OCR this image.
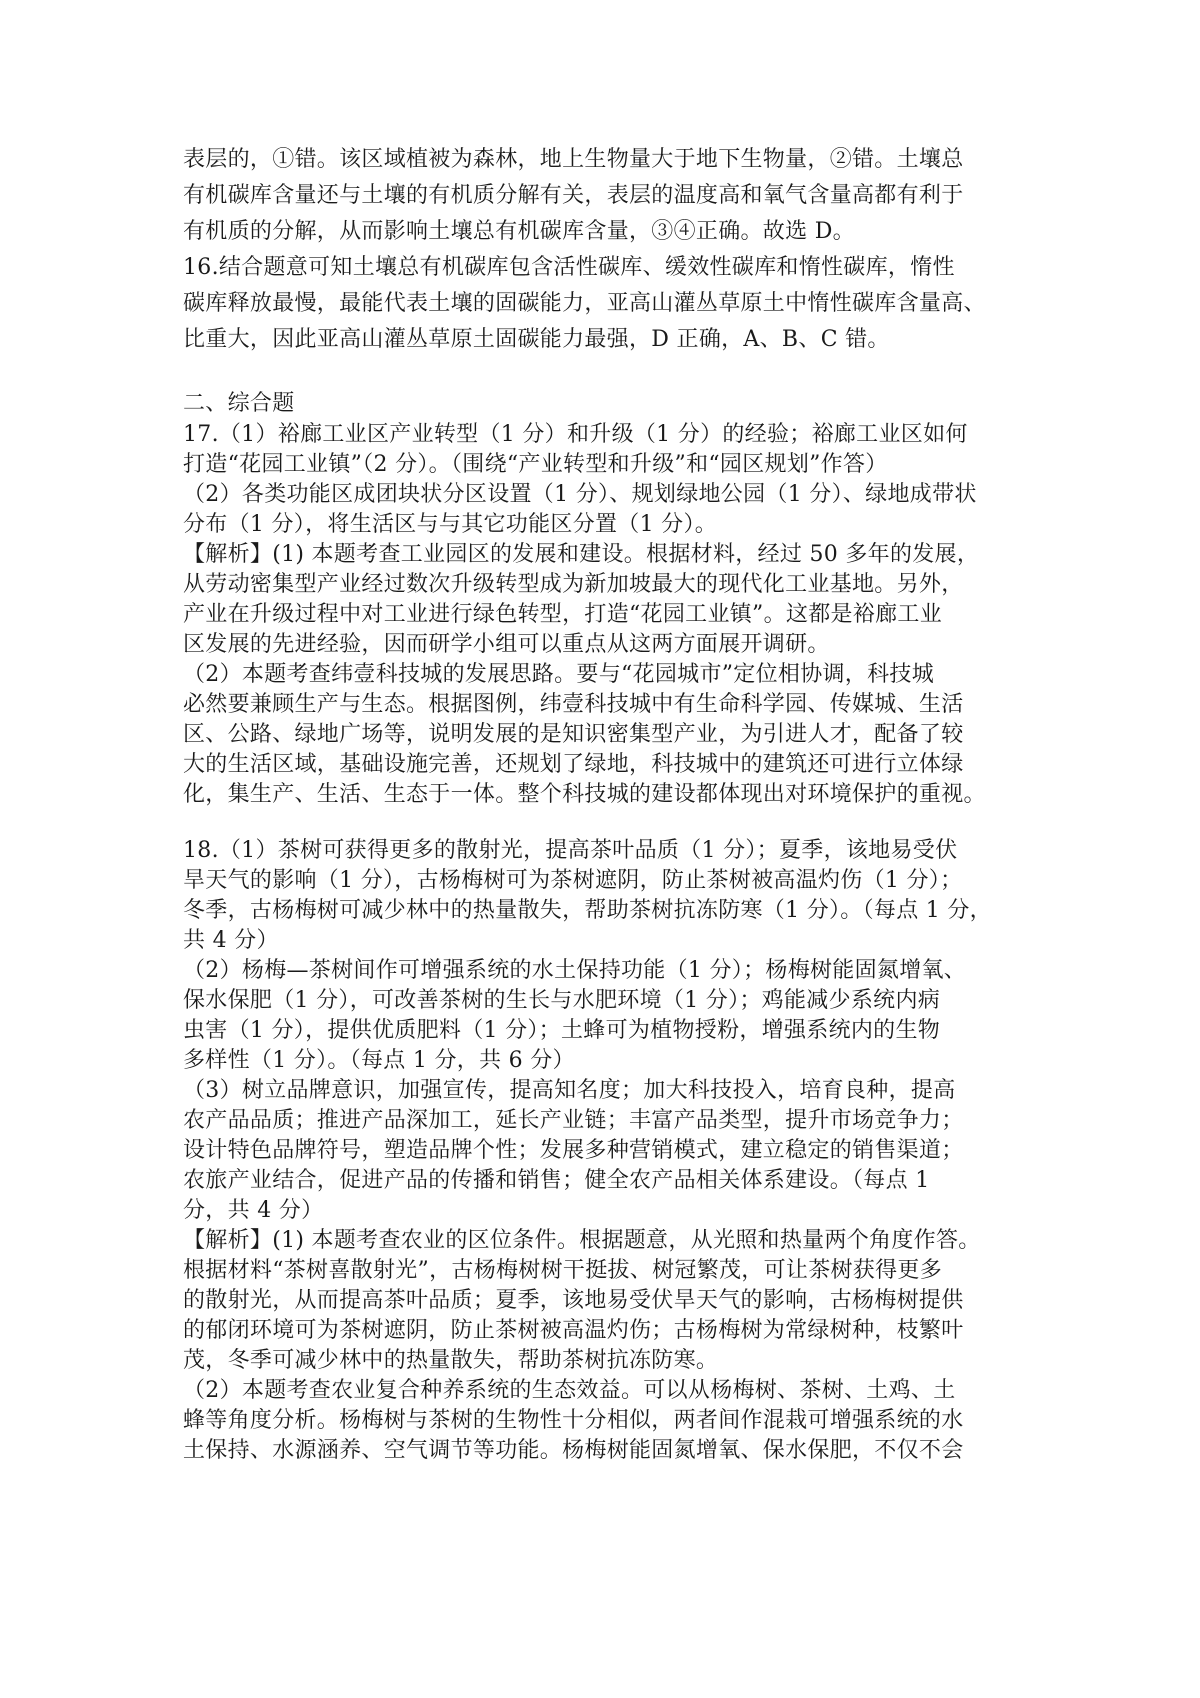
表层的，①错。该区域植被为森林，地上生物量大于地下生物量，②错。土壤总

有机碳库含量还与土壤的有机质分解有关，表层的温度高和氧气含量高都有利于

有机质的分解，从而影响土壤总有机碳库含量，③④正确。故选 D。

16.结合题意可知土壤总有机碳库包含活性碳库、缓效性碳库和惰性碳库，惰性

碳库释放最慢，最能代表土壤的固碳能力，亚高山灌丛草原土中惰性碳库含量高、

比重大，因此亚高山灌丛草原土固碳能力最强，D 正确，A、B、C 错。

二、综合题

17.（1）裕廊工业区产业转型（1 分）和升级（1 分）的经验；裕廊工业区如何

打造“花园工业镇”（2 分）。（围绕“产业转型和升级”和“园区规划”作答）

（2）各类功能区成团块状分区设置（1 分）、规划绿地公园（1 分）、绿地成带状

分布（1 分），将生活区与与其它功能区分置（1 分）。

【解析】(1) 本题考查工业园区的发展和建设。根据材料，经过 50 多年的发展，

从劳动密集型产业经过数次升级转型成为新加坡最大的现代化工业基地。另外，

产业在升级过程中对工业进行绿色转型，打造“花园工业镇”。这都是裕廊工业

区发展的先进经验，因而研学小组可以重点从这两方面展开调研。

（2）本题考查纬壹科技城的发展思路。要与“花园城市”定位相协调，科技城

必然要兼顾生产与生态。根据图例，纬壹科技城中有生命科学园、传媒城、生活

区、公路、绿地广场等，说明发展的是知识密集型产业，为引进人才，配备了较

大的生活区域，基础设施完善，还规划了绿地，科技城中的建筑还可进行立体绿

化，集生产、生活、生态于一体。整个科技城的建设都体现出对环境保护的重视。

18.（1）茶树可获得更多的散射光，提高茶叶品质（1 分）；夏季，该地易受伏

旱天气的影响（1 分），古杨梅树可为茶树遮阴，防止茶树被高温灼伤（1 分）；

冬季，古杨梅树可减少林中的热量散失，帮助茶树抗冻防寒（1 分）。（每点 1 分，

共 4 分）

（2）杨梅—茶树间作可增强系统的水土保持功能（1 分）；杨梅树能固氮增氧、

保水保肥（1 分），可改善茶树的生长与水肥环境（1 分）；鸡能减少系统内病

虫害（1 分），提供优质肥料（1 分）；土蜂可为植物授粉，增强系统内的生物

多样性（1 分）。（每点 1 分，共 6 分）

（3）树立品牌意识，加强宣传，提高知名度；加大科技投入，培育良种，提高

农产品品质；推进产品深加工，延长产业链；丰富产品类型，提升市场竞争力；

设计特色品牌符号，塑造品牌个性；发展多种营销模式，建立稳定的销售渠道；

农旅产业结合，促进产品的传播和销售；健全农产品相关体系建设。（每点 1

分，共 4 分）

【解析】(1) 本题考查农业的区位条件。根据题意，从光照和热量两个角度作答。

根据材料“茶树喜散射光”，古杨梅树树干挺拔、树冠繁茂，可让茶树获得更多

的散射光，从而提高茶叶品质；夏季，该地易受伏旱天气的影响，古杨梅树提供

的郁闭环境可为茶树遮阴，防止茶树被高温灼伤；古杨梅树为常绿树种，枝繁叶

茂，冬季可减少林中的热量散失，帮助茶树抗冻防寒。

（2）本题考查农业复合种养系统的生态效益。可以从杨梅树、茶树、土鸡、土

蜂等角度分析。杨梅树与茶树的生物性十分相似，两者间作混栽可增强系统的水

土保持、水源涵养、空气调节等功能。杨梅树能固氮增氧、保水保肥，不仅不会
